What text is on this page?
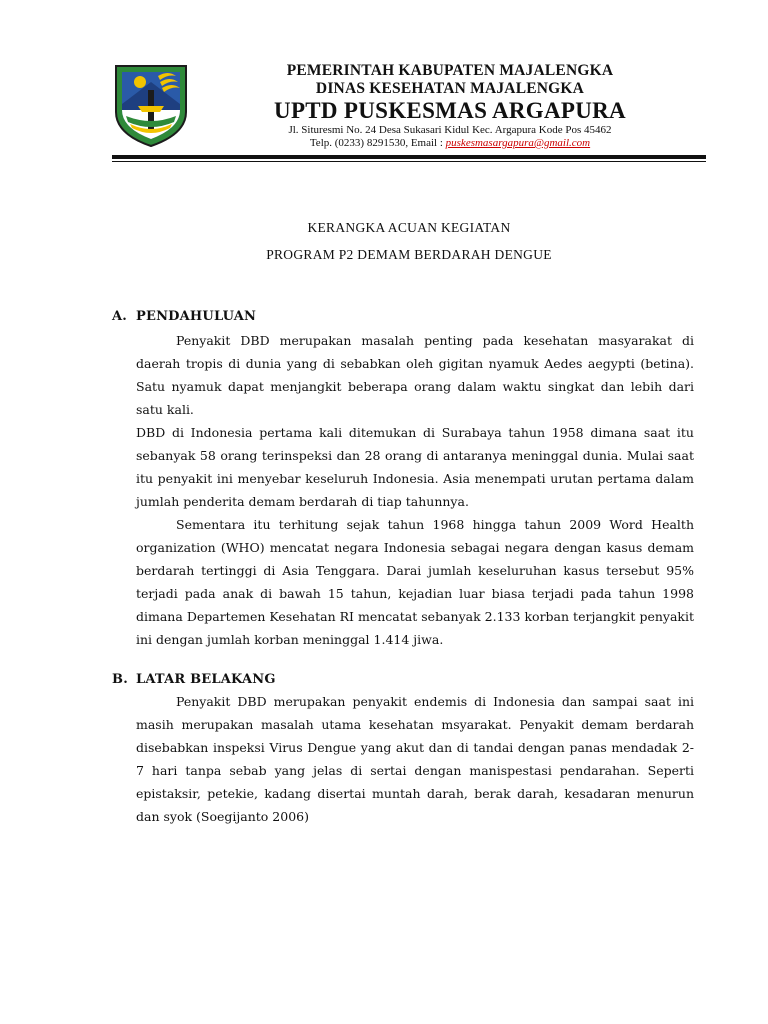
PEMERINTAH KABUPATEN MAJALENGKA
DINAS KESEHATAN MAJALENGKA
UPTD PUSKESMAS ARGAPURA
Jl. Situresmi No. 24 Desa Sukasari Kidul Kec. Argapura Kode Pos 45462
Telp. (0233) 8291530, Email : puskesmasargapura@gmail.com
KERANGKA ACUAN KEGIATAN
PROGRAM P2 DEMAM BERDARAH DENGUE
A. PENDAHULUAN

Penyakit DBD merupakan masalah penting pada kesehatan masyarakat di daerah tropis di dunia yang di sebabkan oleh gigitan nyamuk Aedes aegypti (betina). Satu nyamuk dapat menjangkit beberapa orang dalam waktu singkat dan lebih dari satu kali.

DBD di Indonesia pertama kali ditemukan di Surabaya tahun 1958 dimana saat itu sebanyak 58 orang terinspeksi dan 28 orang di antaranya meninggal dunia. Mulai saat itu penyakit ini menyebar keseluruh Indonesia. Asia menempati urutan pertama dalam jumlah penderita demam berdarah di tiap tahunnya.

Sementara itu terhitung sejak tahun 1968 hingga tahun 2009 Word Health organization (WHO) mencatat negara Indonesia sebagai negara dengan kasus demam berdarah tertinggi di Asia Tenggara. Darai jumlah keseluruhan kasus tersebut 95% terjadi pada anak di bawah 15 tahun, kejadian luar biasa terjadi pada tahun 1998 dimana Departemen Kesehatan RI mencatat sebanyak 2.133 korban terjangkit penyakit ini dengan jumlah korban meninggal 1.414 jiwa.

B. LATAR BELAKANG

Penyakit DBD merupakan penyakit endemis di Indonesia dan sampai saat ini masih merupakan masalah utama kesehatan msyarakat. Penyakit demam berdarah disebabkan inspeksi Virus Dengue yang akut dan di tandai dengan panas mendadak 2-7 hari tanpa sebab yang jelas di sertai dengan manispestasi pendarahan. Seperti epistaksir, petekie, kadang disertai muntah darah, berak darah, kesadaran menurun dan syok (Soegijanto 2006)
